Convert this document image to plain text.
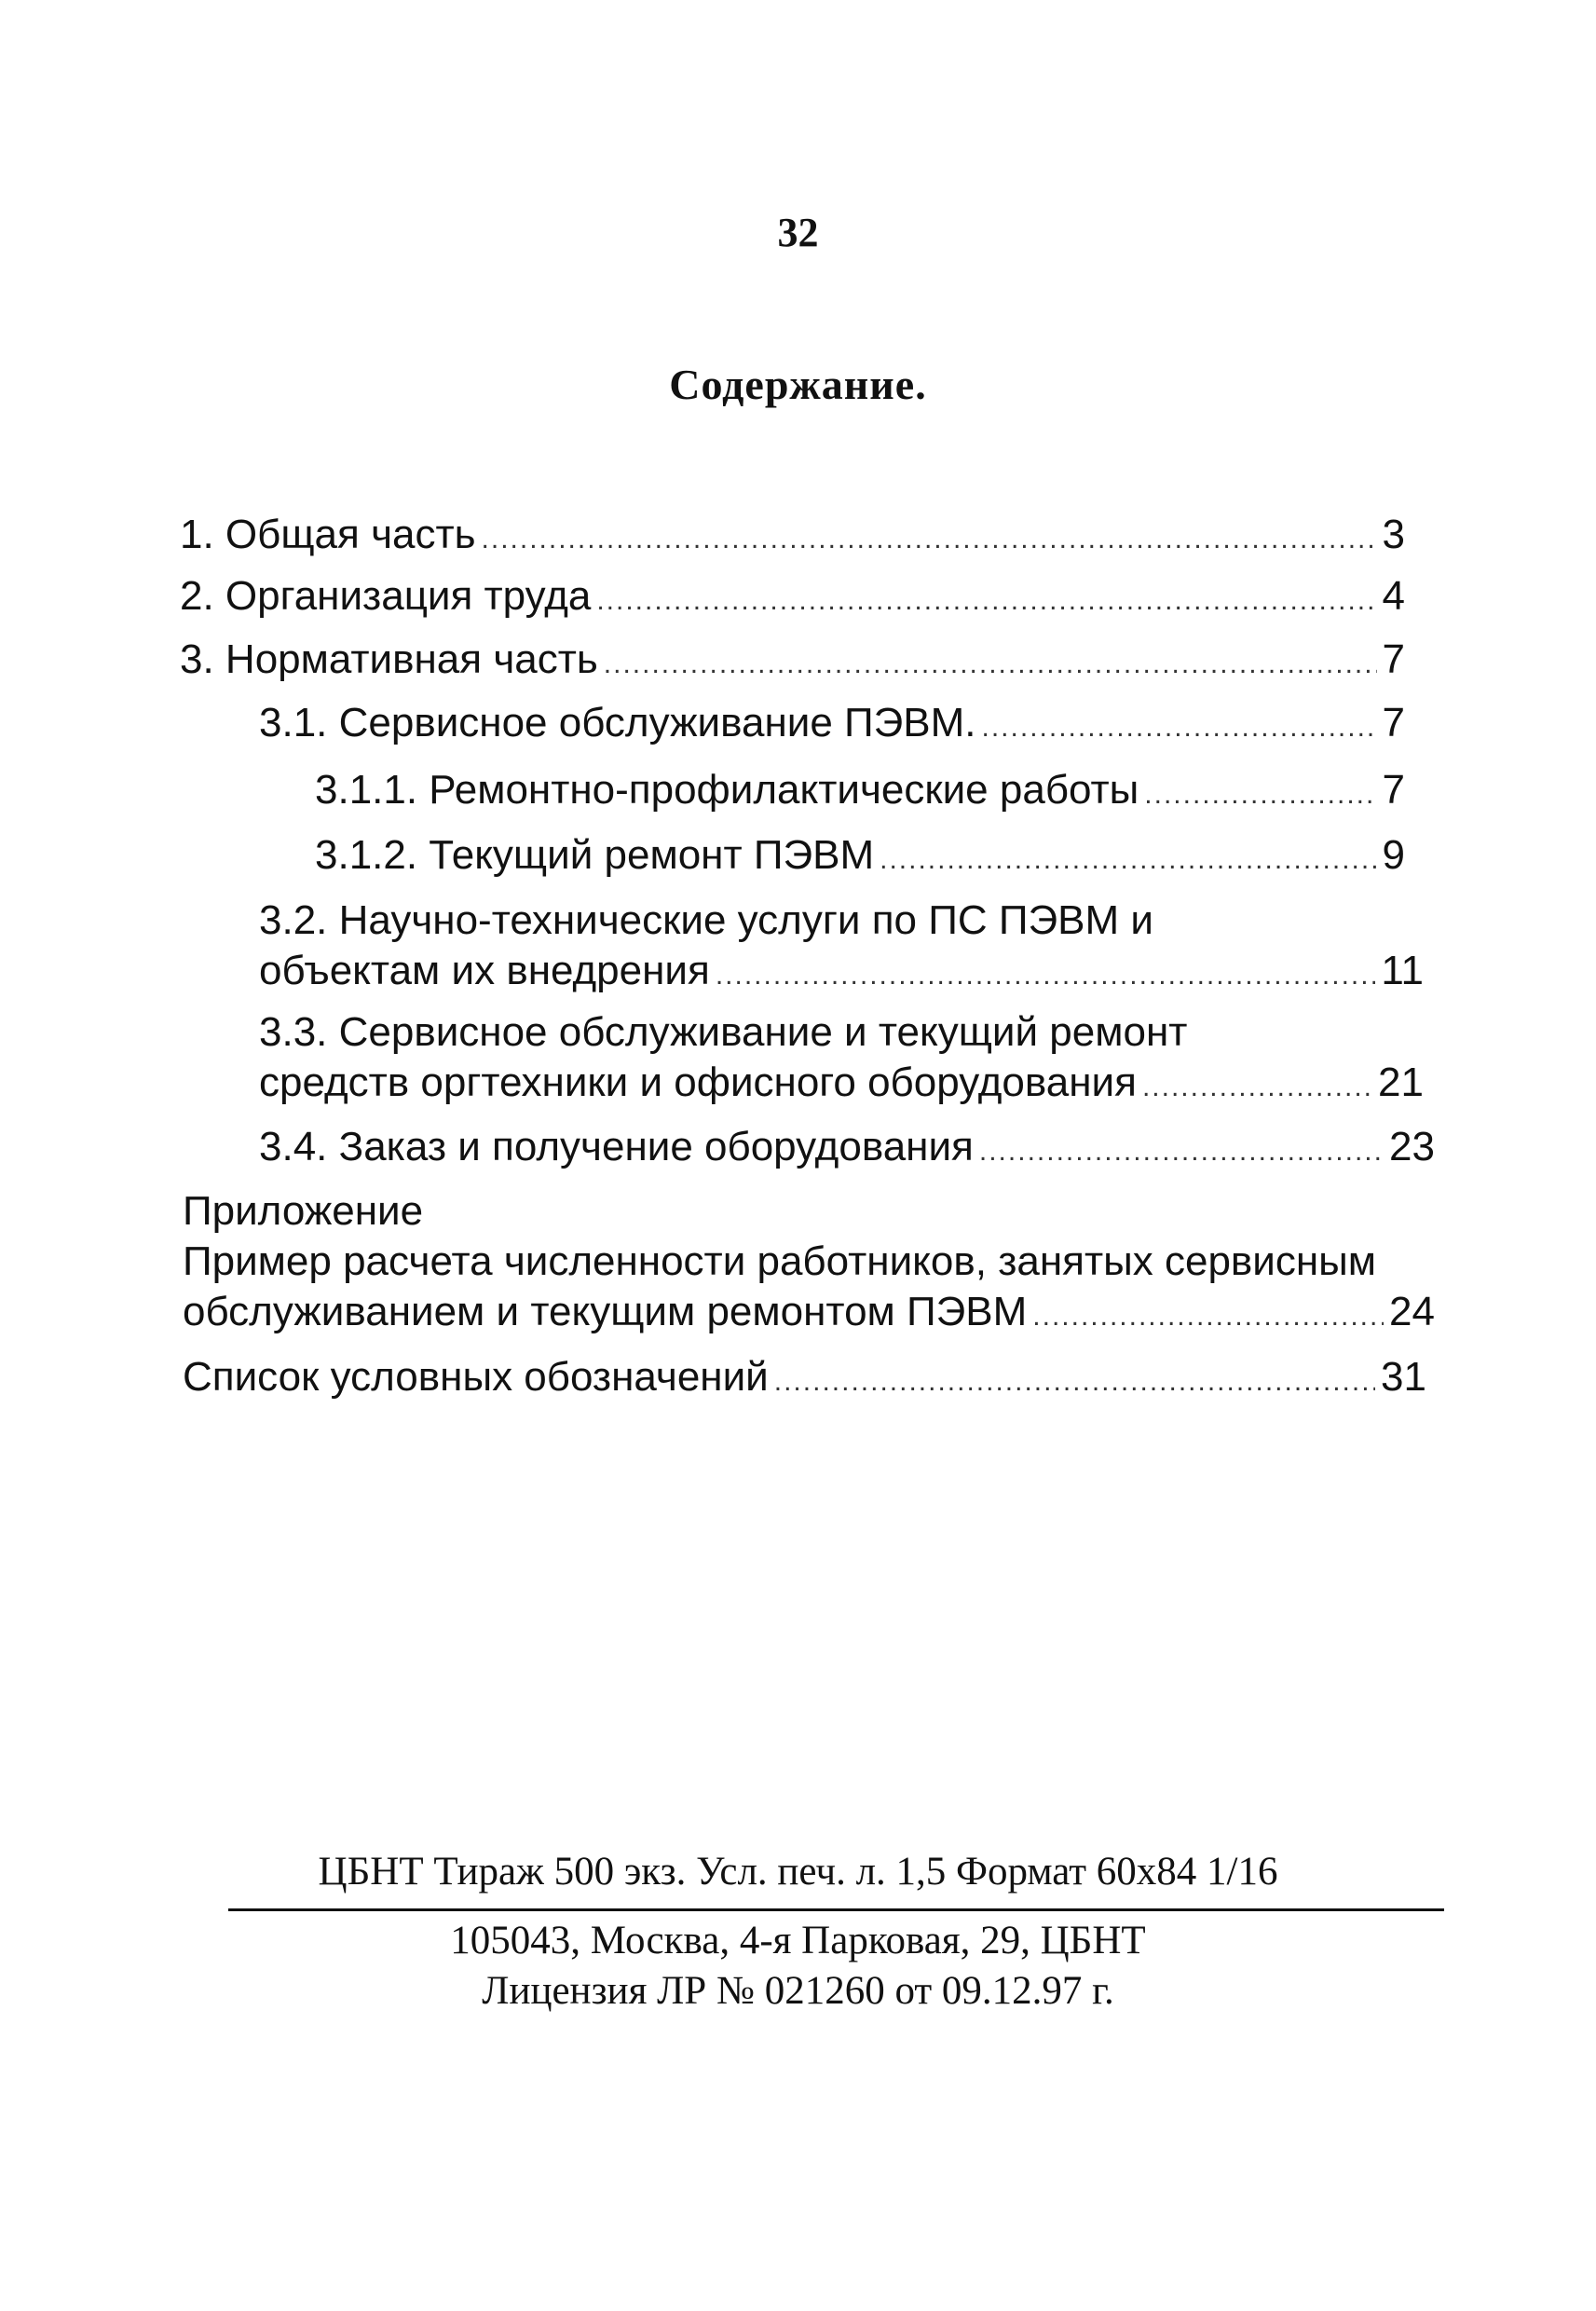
32
Содержание.
1. Общая часть .....	3
2. Организация труда .....	4
3. Нормативная часть .....	7
3.1. Сервисное обслуживание ПЭВМ. .....	7
3.1.1. Ремонтно-профилактические работы .....	7
3.1.2. Текущий ремонт ПЭВМ .....	9
3.2. Научно-технические услуги по ПС ПЭВМ и
объектам их внедрения .....	11
3.3. Сервисное обслуживание и текущий ремонт
средств оргтехники и офисного оборудования .....	21
3.4. Заказ и получение оборудования .....	23
Приложение
Пример расчета численности работников, занятых сервисным
обслуживанием и текущим ремонтом ПЭВМ .....	24
Список условных обозначений .....	31
ЦБНТ Тираж 500 экз. Усл. печ. л. 1,5 Формат 60х84 1/16
105043, Москва, 4-я Парковая, 29, ЦБНТ
Лицензия ЛР № 021260 от 09.12.97 г.
